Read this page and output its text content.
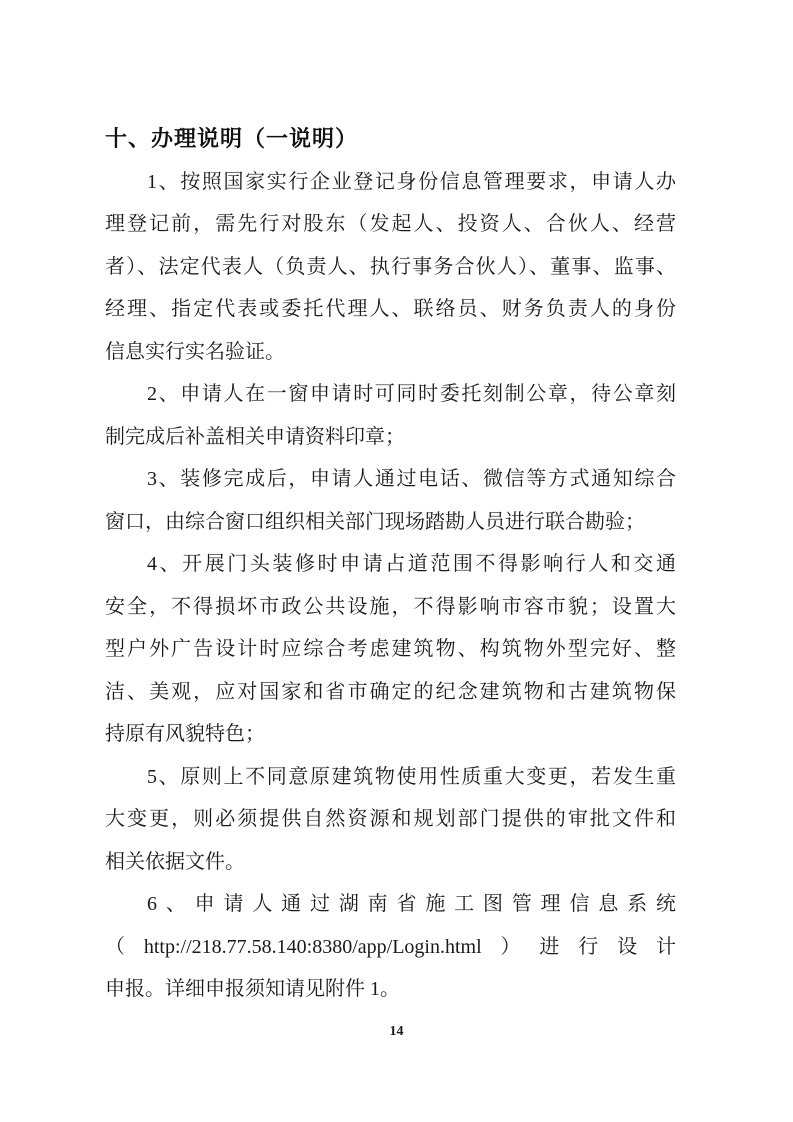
十、办理说明（一说明）
1、按照国家实行企业登记身份信息管理要求，申请人办
理登记前，需先行对股东（发起人、投资人、合伙人、经营
者）、法定代表人（负责人、执行事务合伙人）、董事、监事、
经理、指定代表或委托代理人、联络员、财务负责人的身份
信息实行实名验证。
2、申请人在一窗申请时可同时委托刻制公章，待公章刻
制完成后补盖相关申请资料印章；
3、装修完成后，申请人通过电话、微信等方式通知综合
窗口，由综合窗口组织相关部门现场踏勘人员进行联合勘验；
4、开展门头装修时申请占道范围不得影响行人和交通
安全，不得损坏市政公共设施，不得影响市容市貌；设置大
型户外广告设计时应综合考虑建筑物、构筑物外型完好、整
洁、美观，应对国家和省市确定的纪念建筑物和古建筑物保
持原有风貌特色；
5、原则上不同意原建筑物使用性质重大变更，若发生重
大变更，则必须提供自然资源和规划部门提供的审批文件和
相关依据文件。
6、申请人通过湖南省施工图管理信息系统
（http://218.77.58.140:8380/app/Login.html）进行设计
申报。详细申报须知请见附件 1。
14
